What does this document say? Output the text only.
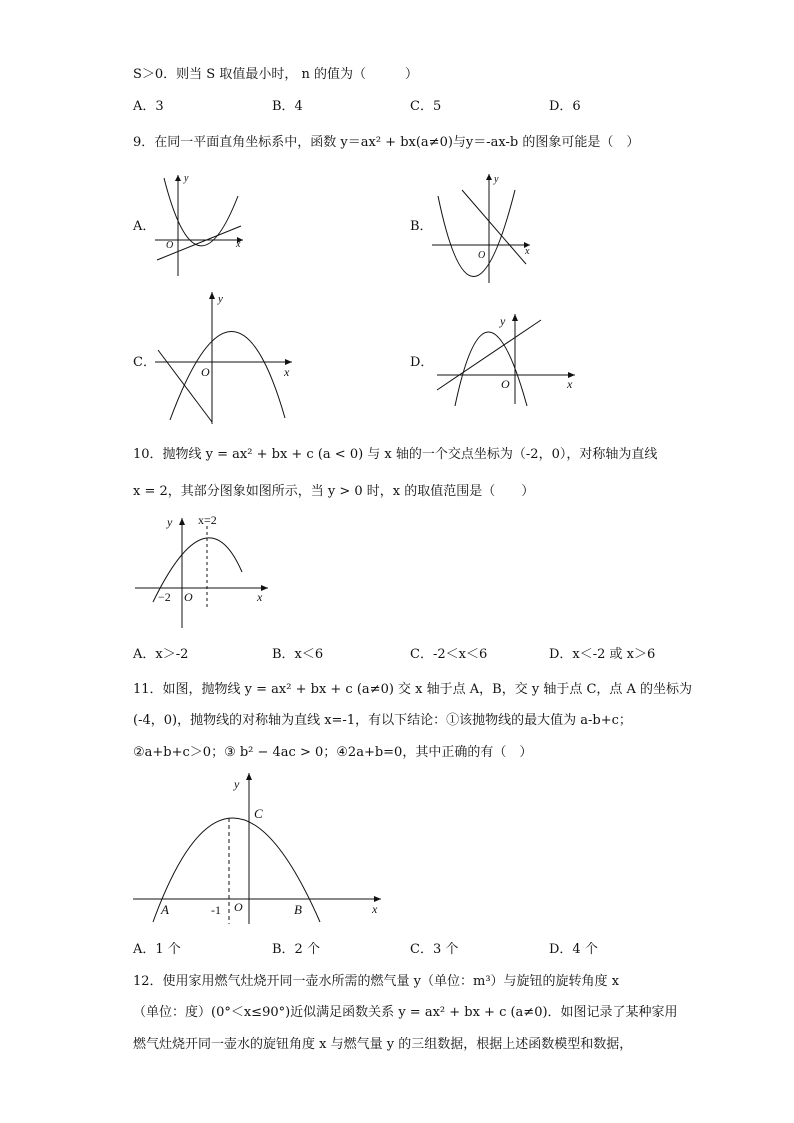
S＞0．则当 S 取值最小时， n 的值为（　　　）
A．3	B．4	C．5	D．6
9．在同一平面直角坐标系中，函数 y＝ax² + bx(a≠0)与y＝-ax-b 的图象可能是（　）
A．	B．
C．	D．
y
x
O
y
x
O
y
x
O
y
x
O
10．抛物线 y = ax² + bx + c (a < 0) 与 x 轴的一个交点坐标为（-2，0），对称轴为直线
x = 2，其部分图象如图所示，当 y > 0 时，x 的取值范围是（　　）
x=2
y
x
−2 O
A．x＞-2	B．x＜6	C．-2＜x＜6	D．x＜-2 或 x＞6
11．如图，抛物线 y = ax² + bx + c (a≠0) 交 x 轴于点 A，B，交 y 轴于点 C，点 A 的坐标为
(-4，0)，抛物线的对称轴为直线 x=-1，有以下结论：①该抛物线的最大值为 a-b+c；
②a+b+c＞0；③ b² − 4ac > 0；④2a+b=0，其中正确的有（　）
y
C
A	-1 O	B	x
A．1 个	B．2 个	C．3 个	D．4 个
12．使用家用燃气灶烧开同一壶水所需的燃气量 y（单位：m³）与旋钮的旋转角度 x
（单位：度）(0°＜x≤90°)近似满足函数关系 y = ax² + bx + c (a≠0)．如图记录了某种家用
燃气灶烧开同一壶水的旋钮角度 x 与燃气量 y 的三组数据，根据上述函数模型和数据，
